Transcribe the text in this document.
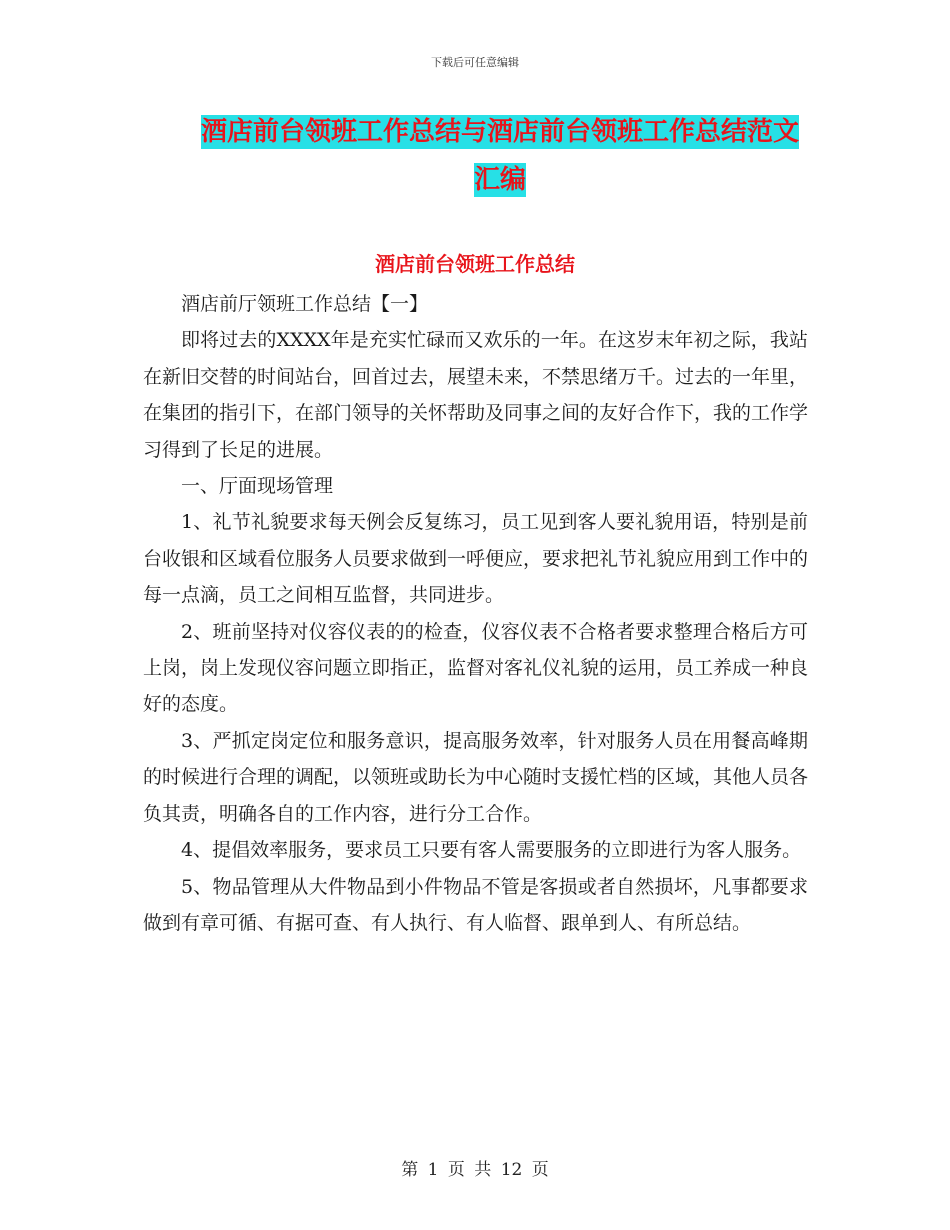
下载后可任意编辑
酒店前台领班工作总结与酒店前台领班工作总结范文
汇编
酒店前台领班工作总结

酒店前厅领班工作总结【一】

即将过去的XXXX年是充实忙碌而又欢乐的一年。在这岁末年初之际，我站在新旧交替的时间站台，回首过去，展望未来，不禁思绪万千。过去的一年里，在集团的指引下，在部门领导的关怀帮助及同事之间的友好合作下，我的工作学习得到了长足的进展。

一、厅面现场管理

1、礼节礼貌要求每天例会反复练习，员工见到客人要礼貌用语，特别是前台收银和区域看位服务人员要求做到一呼便应，要求把礼节礼貌应用到工作中的每一点滴，员工之间相互监督，共同进步。

2、班前坚持对仪容仪表的的检查，仪容仪表不合格者要求整理合格后方可上岗，岗上发现仪容问题立即指正，监督对客礼仪礼貌的运用，员工养成一种良好的态度。

3、严抓定岗定位和服务意识，提高服务效率，针对服务人员在用餐高峰期的时候进行合理的调配，以领班或助长为中心随时支援忙档的区域，其他人员各负其责，明确各自的工作内容，进行分工合作。

4、提倡效率服务，要求员工只要有客人需要服务的立即进行为客人服务。

5、物品管理从大件物品到小件物品不管是客损或者自然损坏，凡事都要求做到有章可循、有据可查、有人执行、有人临督、跟单到人、有所总结。

第 1 页 共 12 页
